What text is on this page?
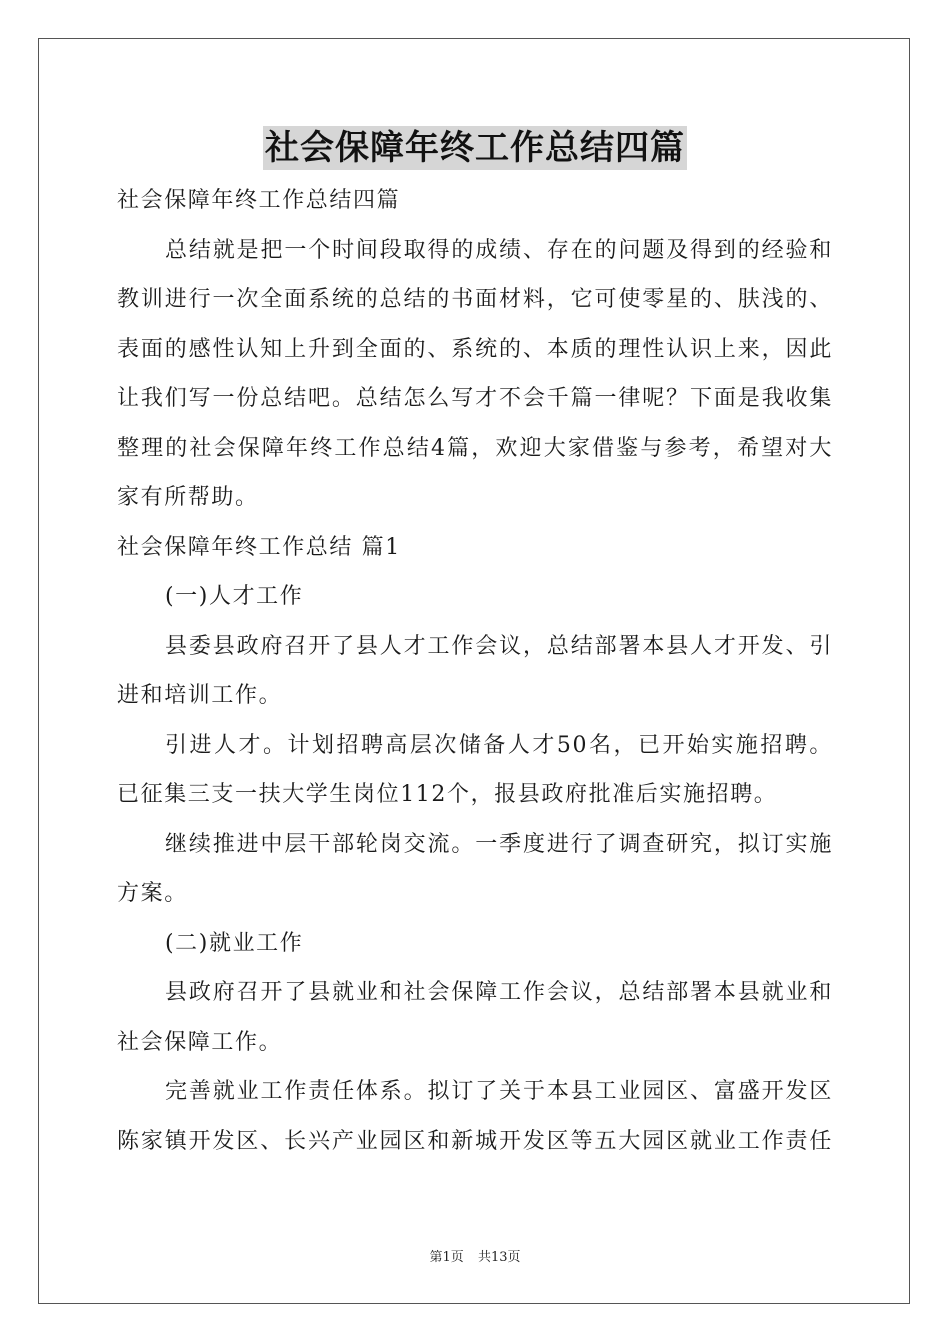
社会保障年终工作总结四篇

社会保障年终工作总结四篇

总结就是把一个时间段取得的成绩、存在的问题及得到的经验和

教训进行一次全面系统的总结的书面材料，它可使零星的、肤浅的、

表面的感性认知上升到全面的、系统的、本质的理性认识上来，因此

让我们写一份总结吧。总结怎么写才不会千篇一律呢？下面是我收集

整理的社会保障年终工作总结4篇，欢迎大家借鉴与参考，希望对大

家有所帮助。

社会保障年终工作总结 篇1

(一)人才工作

县委县政府召开了县人才工作会议，总结部署本县人才开发、引

进和培训工作。

引进人才。计划招聘高层次储备人才50名，已开始实施招聘。

已征集三支一扶大学生岗位112个，报县政府批准后实施招聘。

继续推进中层干部轮岗交流。一季度进行了调查研究，拟订实施

方案。

(二)就业工作

县政府召开了县就业和社会保障工作会议，总结部署本县就业和

社会保障工作。

完善就业工作责任体系。拟订了关于本县工业园区、富盛开发区

陈家镇开发区、长兴产业园区和新城开发区等五大园区就业工作责任

第1页 共13页
